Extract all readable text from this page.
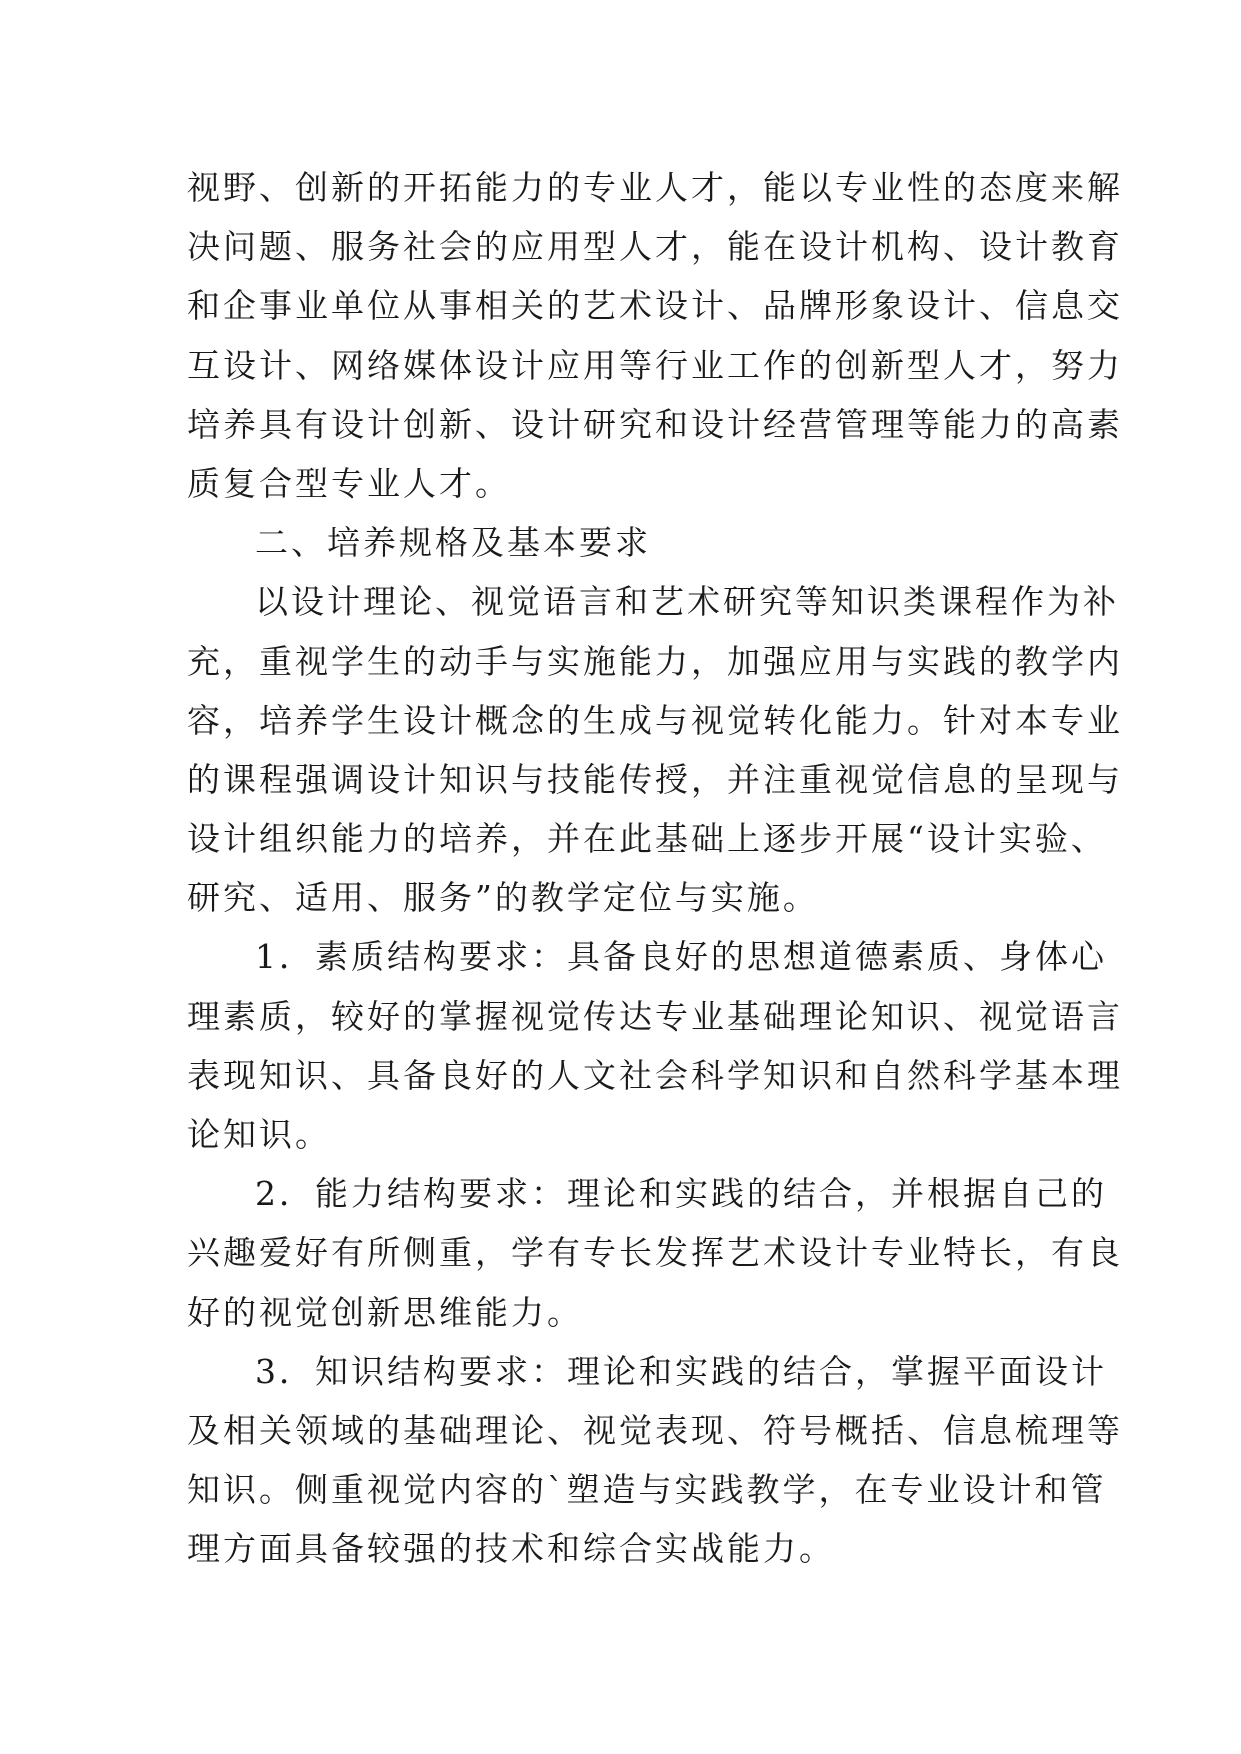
视野、创新的开拓能力的专业人才，能以专业性的态度来解
决问题、服务社会的应用型人才，能在设计机构、设计教育
和企事业单位从事相关的艺术设计、品牌形象设计、信息交
互设计、网络媒体设计应用等行业工作的创新型人才，努力
培养具有设计创新、设计研究和设计经营管理等能力的高素
质复合型专业人才。
二、培养规格及基本要求
以设计理论、视觉语言和艺术研究等知识类课程作为补
充，重视学生的动手与实施能力，加强应用与实践的教学内
容，培养学生设计概念的生成与视觉转化能力。针对本专业
的课程强调设计知识与技能传授，并注重视觉信息的呈现与
设计组织能力的培养，并在此基础上逐步开展“设计实验、
研究、适用、服务”的教学定位与实施。
1．素质结构要求：具备良好的思想道德素质、身体心
理素质，较好的掌握视觉传达专业基础理论知识、视觉语言
表现知识、具备良好的人文社会科学知识和自然科学基本理
论知识。
2．能力结构要求：理论和实践的结合，并根据自己的
兴趣爱好有所侧重，学有专长发挥艺术设计专业特长，有良
好的视觉创新思维能力。
3．知识结构要求：理论和实践的结合，掌握平面设计
及相关领域的基础理论、视觉表现、符号概括、信息梳理等
知识。侧重视觉内容的`塑造与实践教学，在专业设计和管
理方面具备较强的技术和综合实战能力。
